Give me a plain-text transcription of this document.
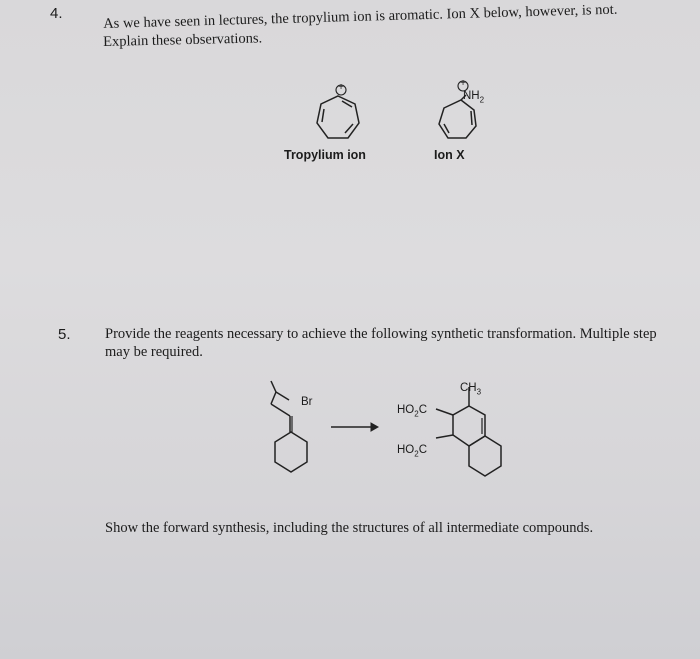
4.	As we have seen in lectures, the tropylium ion is aromatic. Ion X below, however, is not.
Explain these observations.
+	+
$NH_2$
Tropylium ion	Ion X
5. Provide the reagents necessary to achieve the following synthetic transformation. Multiple step
may be required.
Br
$CH_3$
$HO_2C$
$HO_2C$
Show the forward synthesis, including the structures of all intermediate compounds.
